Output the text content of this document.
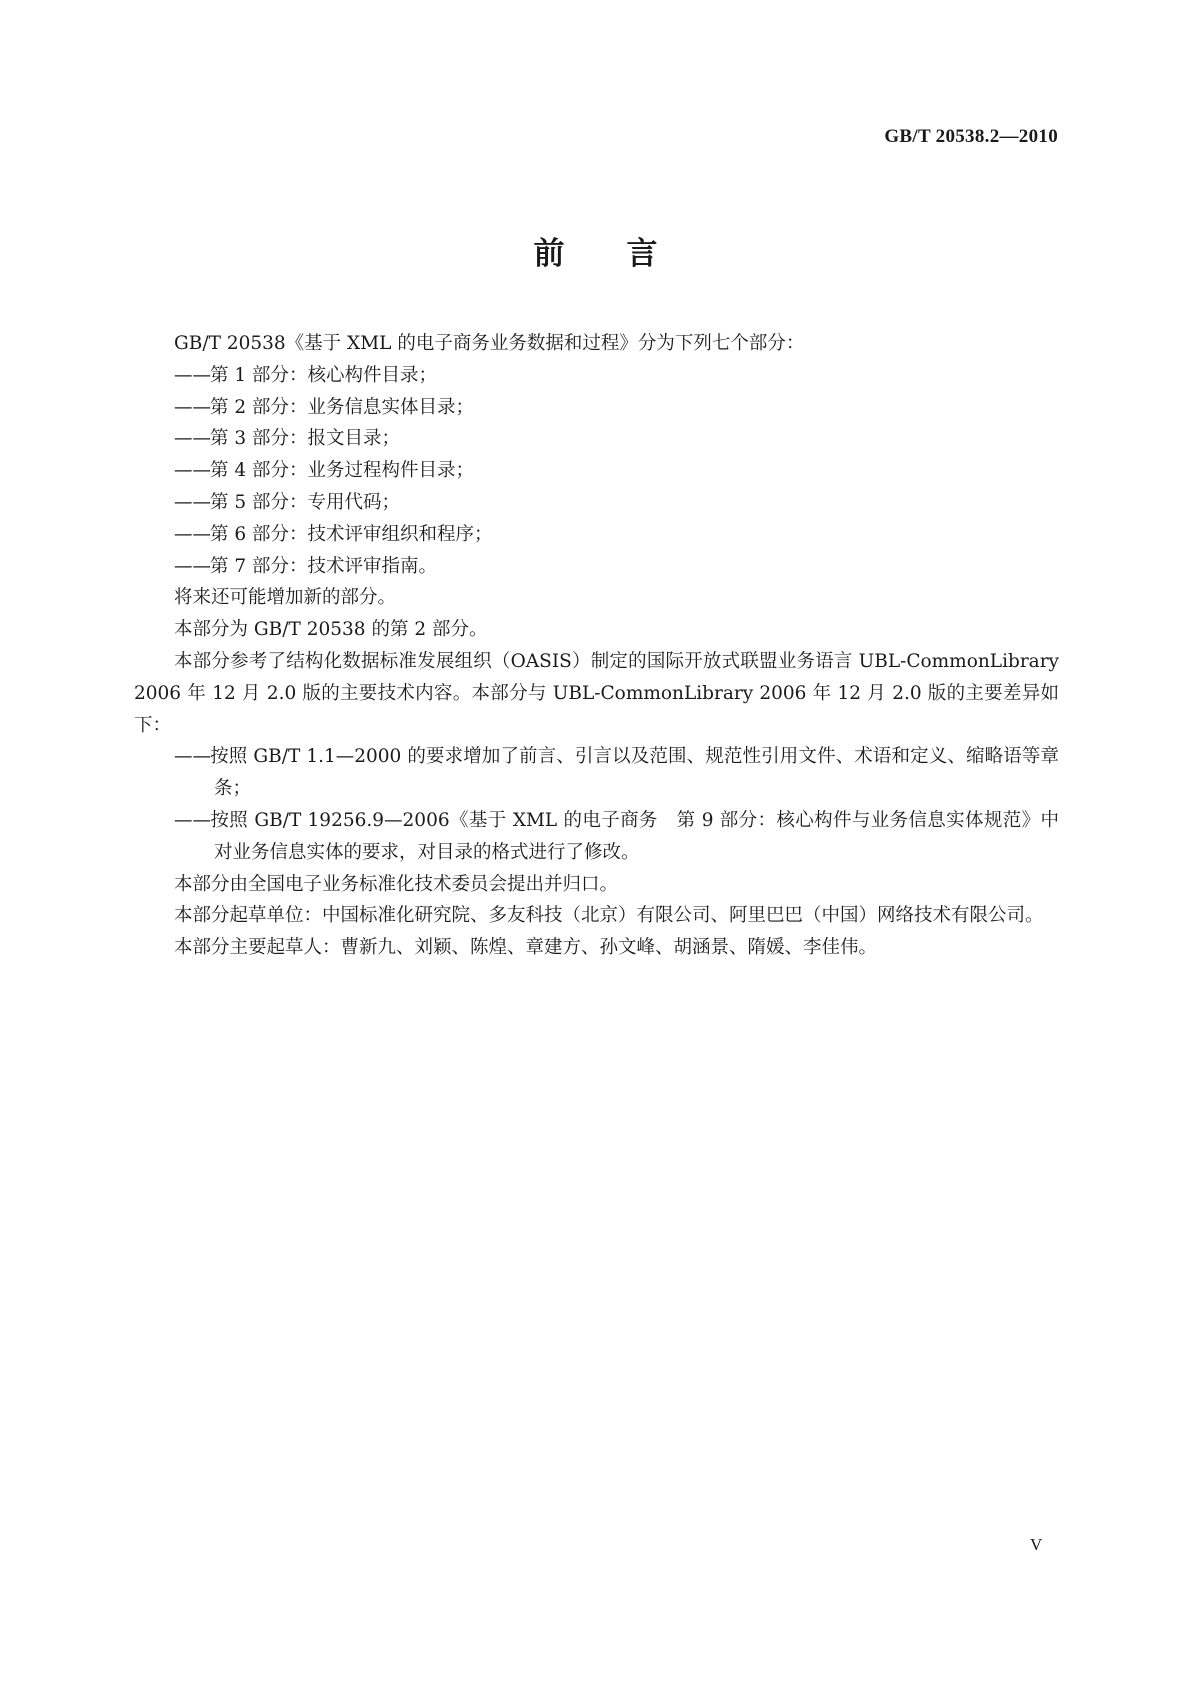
GB/T 20538.2—2010
前 言

GB/T 20538《基于 XML 的电子商务业务数据和过程》分为下列七个部分：

——第 1 部分：核心构件目录；

——第 2 部分：业务信息实体目录；

——第 3 部分：报文目录；

——第 4 部分：业务过程构件目录；

——第 5 部分：专用代码；

——第 6 部分：技术评审组织和程序；

——第 7 部分：技术评审指南。

将来还可能增加新的部分。

本部分为 GB/T 20538 的第 2 部分。

本部分参考了结构化数据标准发展组织（OASIS）制定的国际开放式联盟业务语言 UBL-CommonLibrary 2006 年 12 月 2.0 版的主要技术内容。本部分与 UBL-CommonLibrary 2006 年 12 月 2.0 版的主要差异如下：

——按照 GB/T 1.1—2000 的要求增加了前言、引言以及范围、规范性引用文件、术语和定义、缩略语等章条；

——按照 GB/T 19256.9—2006《基于 XML 的电子商务　第 9 部分：核心构件与业务信息实体规范》中对业务信息实体的要求，对目录的格式进行了修改。

本部分由全国电子业务标准化技术委员会提出并归口。

本部分起草单位：中国标准化研究院、多友科技（北京）有限公司、阿里巴巴（中国）网络技术有限公司。

本部分主要起草人：曹新九、刘颖、陈煌、章建方、孙文峰、胡涵景、隋媛、李佳伟。

V
